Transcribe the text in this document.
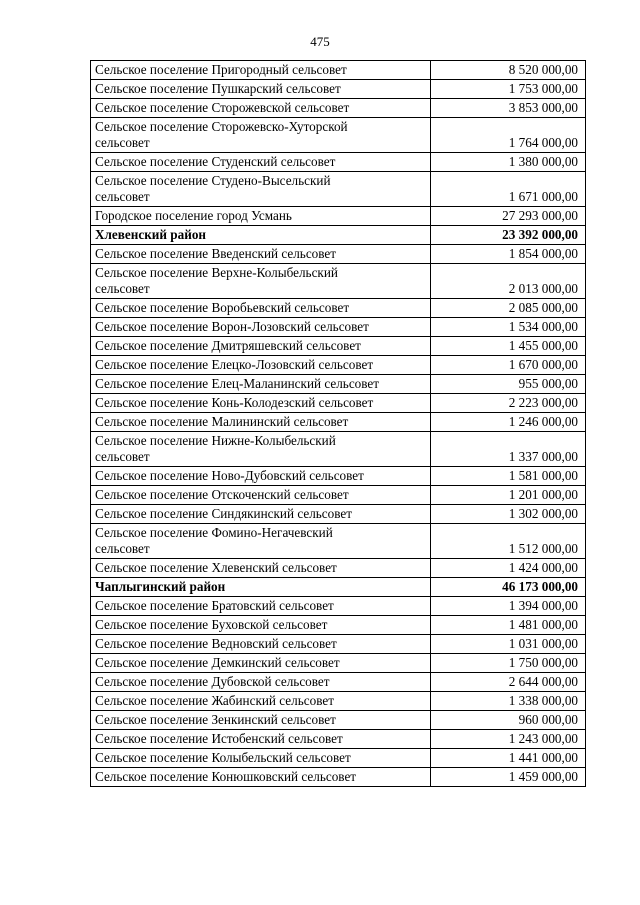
475
Сельское поселение Пригородный сельсовет	8 520 000,00
Сельское поселение Пушкарский сельсовет	1 753 000,00
Сельское поселение Сторожевской сельсовет	3 853 000,00
Сельское поселение Сторожевско-Хуторской
сельсовет	1 764 000,00
Сельское поселение Студенский сельсовет	1 380 000,00
Сельское поселение Студено-Высельский
сельсовет	1 671 000,00
Городское поселение город Усмань	27 293 000,00
Хлевенский район	23 392 000,00
Сельское поселение Введенский сельсовет	1 854 000,00
Сельское поселение Верхне-Колыбельский
сельсовет	2 013 000,00
Сельское поселение Воробьевский сельсовет	2 085 000,00
Сельское поселение Ворон-Лозовский сельсовет	1 534 000,00
Сельское поселение Дмитряшевский сельсовет	1 455 000,00
Сельское поселение Елецко-Лозовский сельсовет	1 670 000,00
Сельское поселение Елец-Маланинский сельсовет	955 000,00
Сельское поселение Конь-Колодезский сельсовет	2 223 000,00
Сельское поселение Малининский сельсовет	1 246 000,00
Сельское поселение Нижне-Колыбельский
сельсовет	1 337 000,00
Сельское поселение Ново-Дубовский сельсовет	1 581 000,00
Сельское поселение Отскоченский сельсовет	1 201 000,00
Сельское поселение Синдякинский сельсовет	1 302 000,00
Сельское поселение Фомино-Негачевский
сельсовет	1 512 000,00
Сельское поселение Хлевенский сельсовет	1 424 000,00
Чаплыгинский район	46 173 000,00
Сельское поселение Братовский сельсовет	1 394 000,00
Сельское поселение Буховской сельсовет	1 481 000,00
Сельское поселение Ведновский сельсовет	1 031 000,00
Сельское поселение Демкинский сельсовет	1 750 000,00
Сельское поселение Дубовской сельсовет	2 644 000,00
Сельское поселение Жабинский сельсовет	1 338 000,00
Сельское поселение Зенкинский сельсовет	960 000,00
Сельское поселение Истобенский сельсовет	1 243 000,00
Сельское поселение Колыбельский сельсовет	1 441 000,00
Сельское поселение Конюшковский сельсовет	1 459 000,00
